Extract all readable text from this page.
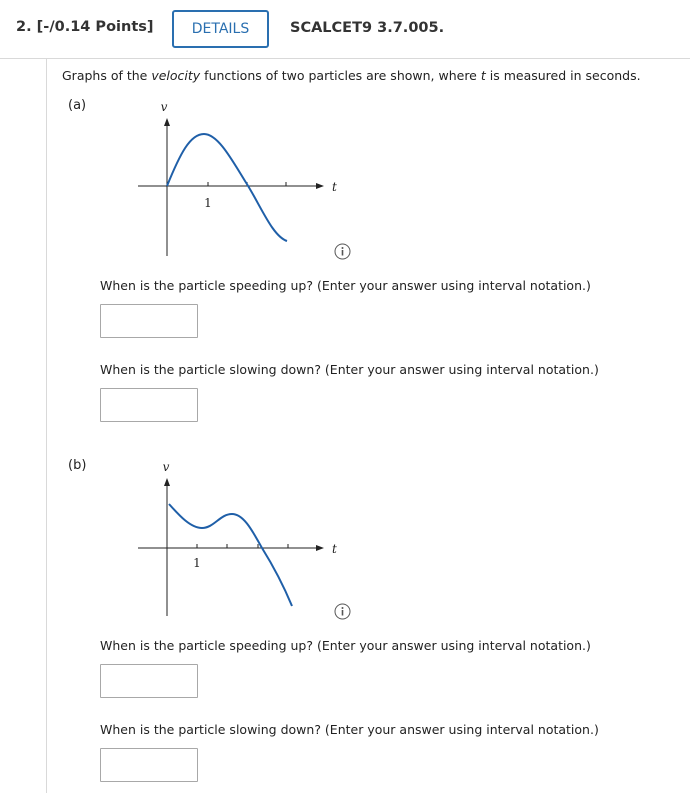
2. [-/0.14 Points]	DETAILS	SCALCET9 3.7.005.
Graphs of the velocity functions of two particles are shown, where t is measured in seconds.
(a)	v
t
1
When is the particle speeding up? (Enter your answer using interval notation.)
When is the particle slowing down? (Enter your answer using interval notation.)
(b)	v
t
1
When is the particle speeding up? (Enter your answer using interval notation.)
When is the particle slowing down? (Enter your answer using interval notation.)
